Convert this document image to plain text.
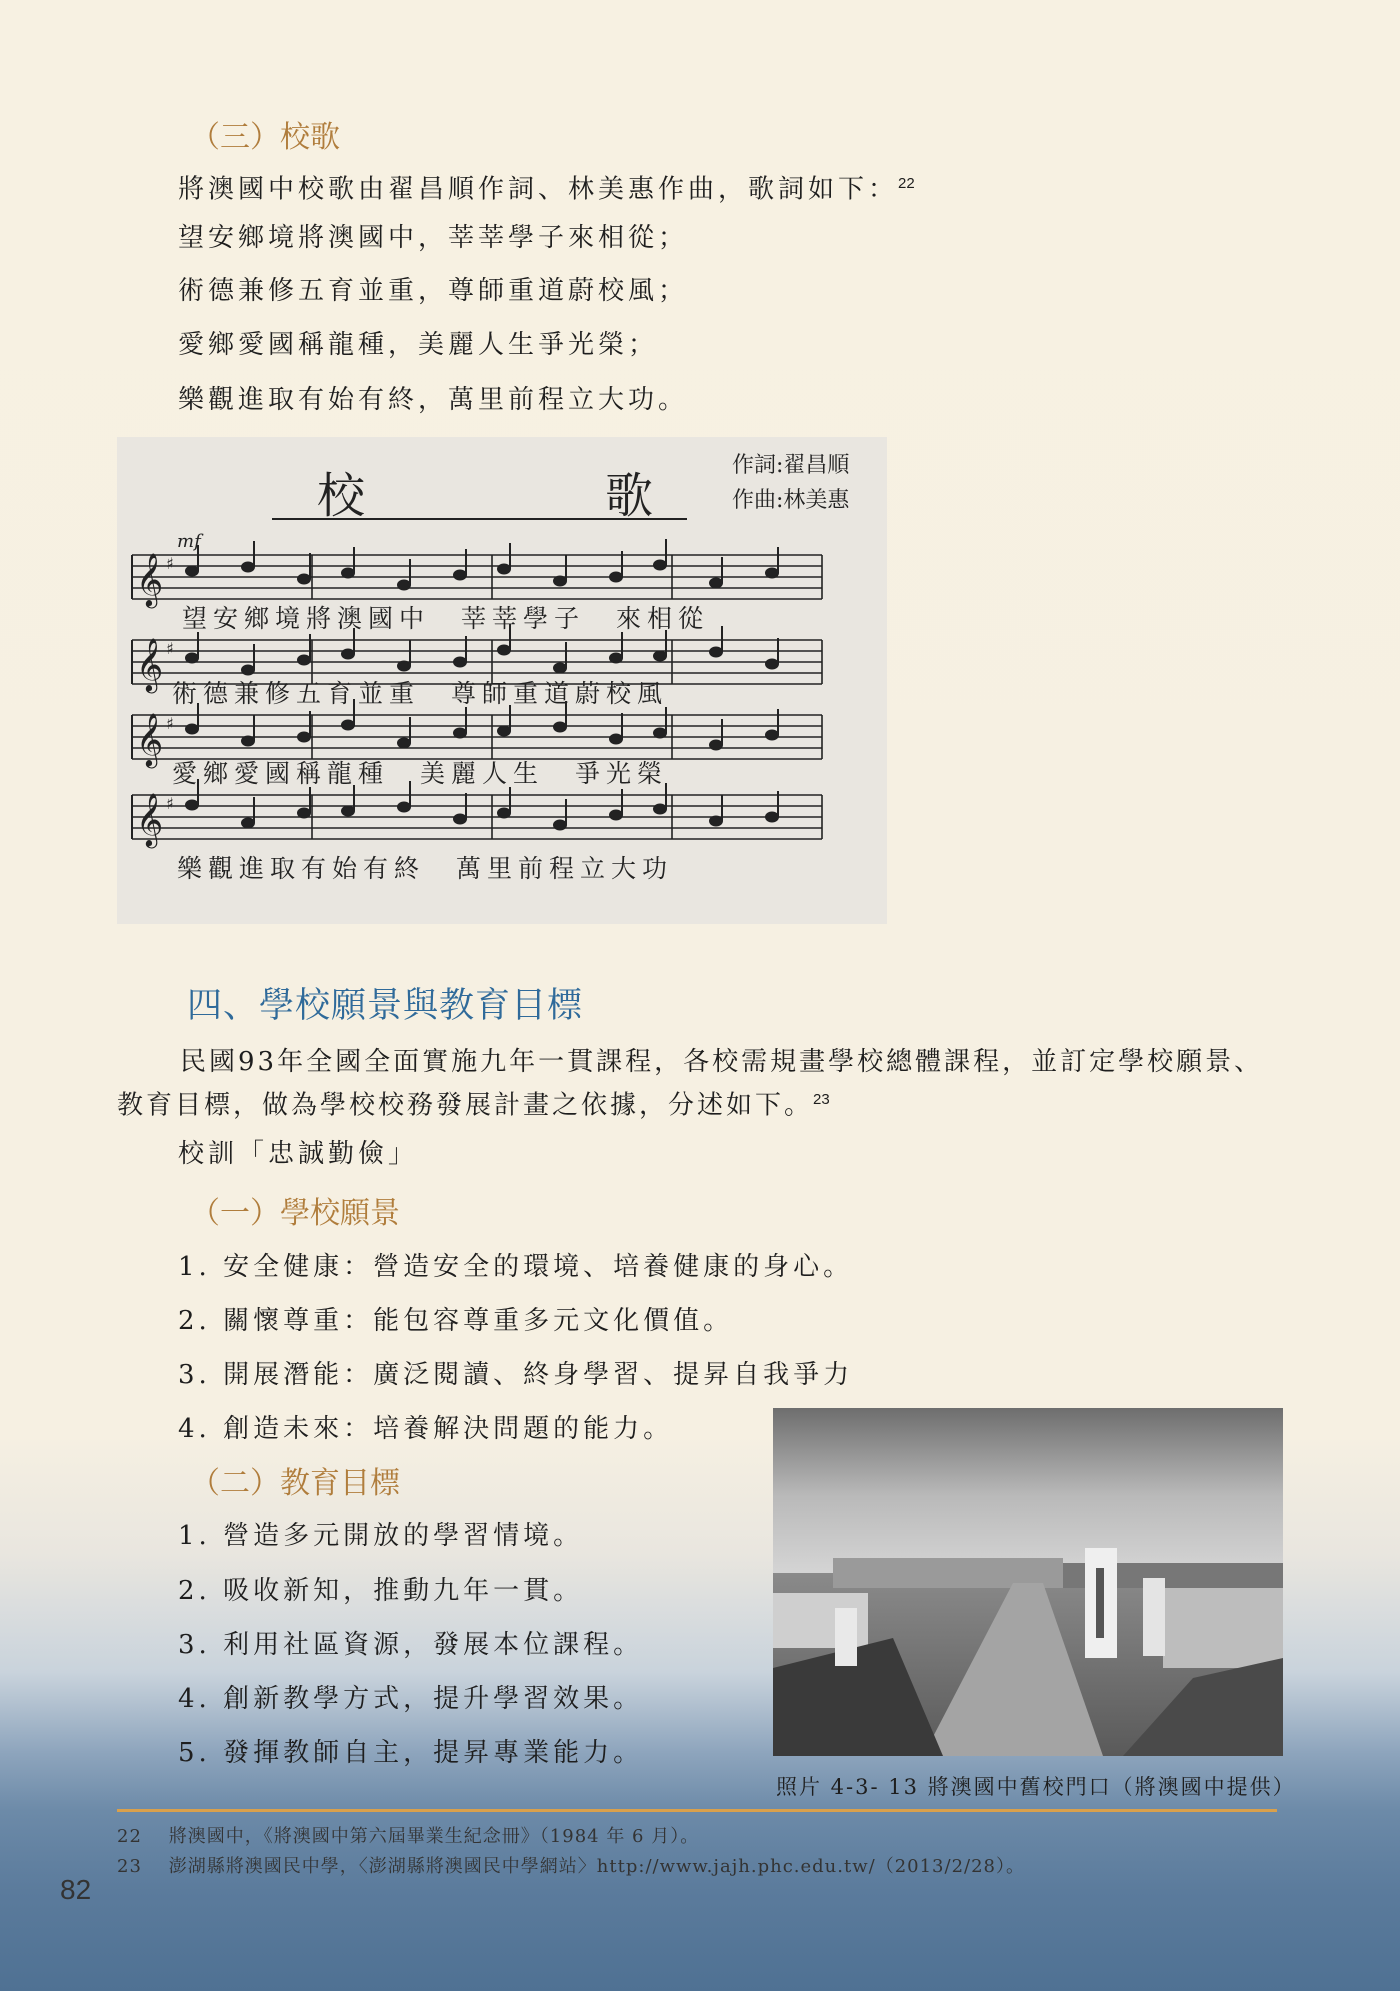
（三）校歌
將澳國中校歌由翟昌順作詞、林美惠作曲，歌詞如下：$^{22}$
望安鄉境將澳國中，莘莘學子來相從；
術德兼修五育並重，尊師重道蔚校風；
愛鄉愛國稱龍種，美麗人生爭光榮；
樂觀進取有始有終，萬里前程立大功。
𝄞 ♯
校　　　　　歌
作詞:翟昌順
作曲:林美惠
mf
望安鄉境將澳國中　莘莘學子　來相從
術德兼修五育並重　尊師重道蔚校風
愛鄉愛國稱龍種　美麗人生　爭光榮
樂觀進取有始有終　萬里前程立大功
四、學校願景與教育目標
民國93年全國全面實施九年一貫課程，各校需規畫學校總體課程，並訂定學校願景、
教育目標，做為學校校務發展計畫之依據，分述如下。$^{23}$
校訓「忠誠勤儉」
（一）學校願景
1. 安全健康：營造安全的環境、培養健康的身心。
2. 關懷尊重：能包容尊重多元文化價值。
3. 開展潛能：廣泛閱讀、終身學習、提昇自我爭力
4. 創造未來：培養解決問題的能力。
（二）教育目標
1. 營造多元開放的學習情境。
2. 吸收新知，推動九年一貫。
3. 利用社區資源，發展本位課程。
4. 創新教學方式，提升學習效果。
5. 發揮教師自主，提昇專業能力。
照片 4-3- 13 將澳國中舊校門口（將澳國中提供）
22 將澳國中，《將澳國中第六屆畢業生紀念冊》（1984 年 6 月）。
23 澎湖縣將澳國民中學，〈澎湖縣將澳國民中學網站〉http://www.jajh.phc.edu.tw/（2013/2/28）。
82
